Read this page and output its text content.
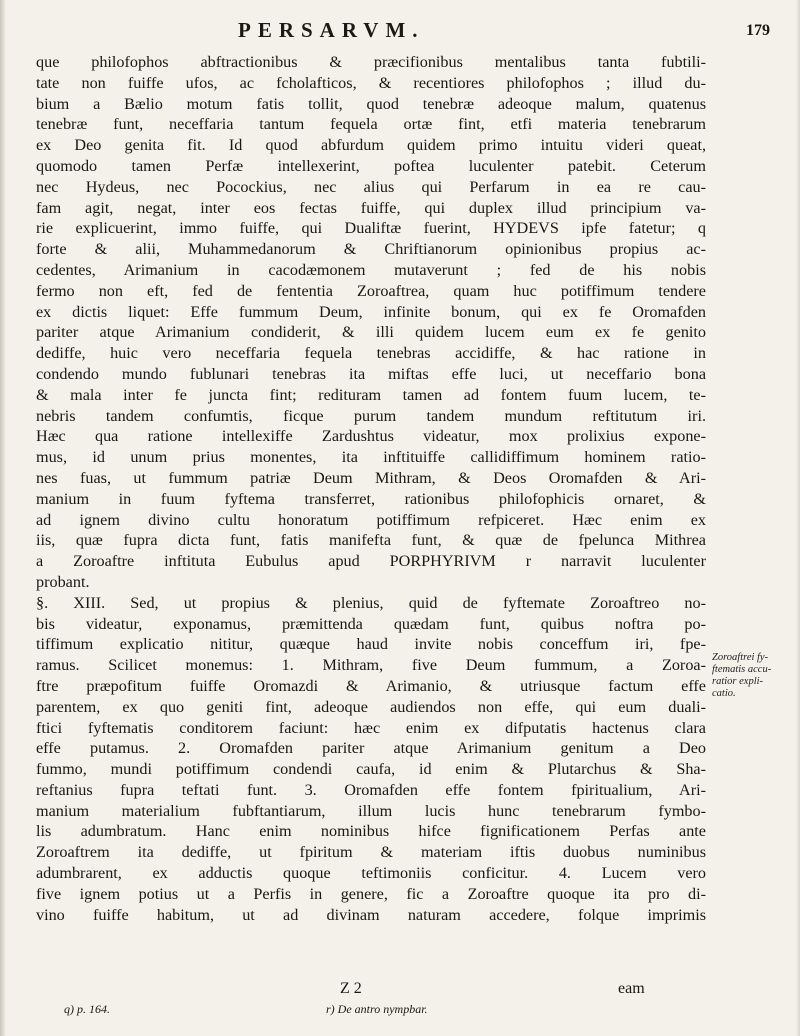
PERSARVM.	179
que philofophos abftractionibus & præcifionibus mentalibus tanta fubtili-
tate non fuiffe ufos, ac fcholafticos, & recentiores philofophos ; illud du-
bium a Bælio motum fatis tollit, quod tenebræ adeoque malum, quatenus
tenebræ funt, neceffaria tantum fequela ortæ fint, etfi materia tenebrarum
ex Deo genita fit. Id quod abfurdum quidem primo intuitu videri queat,
quomodo tamen Perfæ intellexerint, poftea luculenter patebit. Ceterum
nec Hydeus, nec Pocockius, nec alius qui Perfarum in ea re cau-
fam agit, negat, inter eos fectas fuiffe, qui duplex illud principium va-
rie explicuerint, immo fuiffe, qui Dualiftæ fuerint, HYDEVS ipfe fatetur; q
forte & alii, Muhammedanorum & Chriftianorum opinionibus propius ac-
cedentes, Arimanium in cacodæmonem mutaverunt ; fed de his nobis
fermo non eft, fed de fententia Zoroaftrea, quam huc potiffimum tendere
ex dictis liquet: Effe fummum Deum, infinite bonum, qui ex fe Oromafden
pariter atque Arimanium condiderit, & illi quidem lucem eum ex fe genito
dediffe, huic vero neceffaria fequela tenebras accidiffe, & hac ratione in
condendo mundo fublunari tenebras ita miftas effe luci, ut neceffario bona
& mala inter fe juncta fint; redituram tamen ad fontem fuum lucem, te-
nebris tandem confumtis, ficque purum tandem mundum reftitutum iri.
Hæc qua ratione intellexiffe Zardushtus videatur, mox prolixius expone-
mus, id unum prius monentes, ita inftituiffe callidiffimum hominem ratio-
nes fuas, ut fummum patriæ Deum Mithram, & Deos Oromafden & Ari-
manium in fuum fyftema transferret, rationibus philofophicis ornaret, &
ad ignem divino cultu honoratum potiffimum refpiceret. Hæc enim ex
iis, quæ fupra dicta funt, fatis manifefta funt, & quæ de fpelunca Mithrea
a Zoroaftre inftituta Eubulus apud PORPHYRIVM r narravit luculenter
probant.
§. XIII. Sed, ut propius & plenius, quid de fyftemate Zoroaftreo no-
bis videatur, exponamus, præmittenda quædam funt, quibus noftra po-
tiffimum explicatio nititur, quæque haud invite nobis conceffum iri, fpe-
ramus. Scilicet monemus: 1. Mithram, five Deum fummum, a Zoroa-
ftre præpofitum fuiffe Oromazdi & Arimanio, & utriusque factum effe
parentem, ex quo geniti fint, adeoque audiendos non effe, qui eum duali-
ftici fyftematis conditorem faciunt: hæc enim ex difputatis hactenus clara
effe putamus. 2. Oromafden pariter atque Arimanium genitum a Deo
fummo, mundi potiffimum condendi caufa, id enim & Plutarchus & Sha-
reftanius fupra teftati funt. 3. Oromafden effe fontem fpiritualium, Ari-
manium materialium fubftantiarum, illum lucis hunc tenebrarum fymbo-
lis adumbratum. Hanc enim nominibus hifce fignificationem Perfas ante
Zoroaftrem ita dediffe, ut fpiritum & materiam iftis duobus numinibus
adumbrarent, ex adductis quoque teftimoniis conficitur. 4. Lucem vero
five ignem potius ut a Perfis in genere, fic a Zoroaftre quoque ita pro di-
vino fuiffe habitum, ut ad divinam naturam accedere, folque imprimis
Zoroaftrei fy-
ftematis accu-
ratior expli-
catio.
Z 2	eam
q) p. 164.	r) De antro nympbar.
